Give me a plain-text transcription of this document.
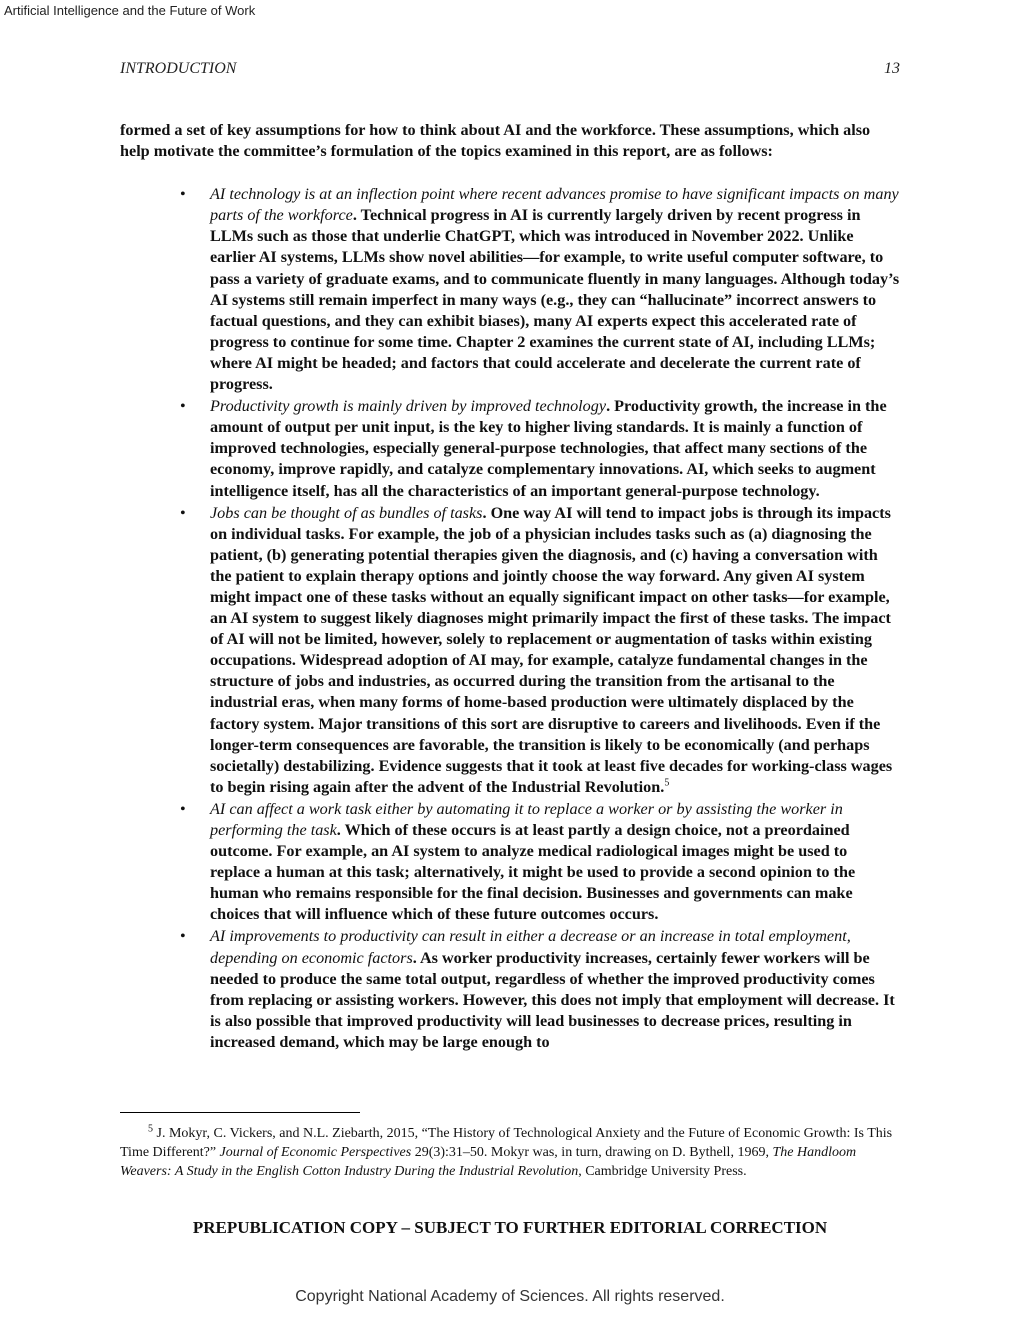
Artificial Intelligence and the Future of Work
INTRODUCTION	13

formed a set of key assumptions for how to think about AI and the workforce. These assumptions, which also help motivate the committee’s formulation of the topics examined in this report, are as follows:

• AI technology is at an inflection point where recent advances promise to have significant impacts on many parts of the workforce. Technical progress in AI is currently largely driven by recent progress in LLMs such as those that underlie ChatGPT, which was introduced in November 2022. Unlike earlier AI systems, LLMs show novel abilities—for example, to write useful computer software, to pass a variety of graduate exams, and to communicate fluently in many languages. Although today’s AI systems still remain imperfect in many ways (e.g., they can “hallucinate” incorrect answers to factual questions, and they can exhibit biases), many AI experts expect this accelerated rate of progress to continue for some time. Chapter 2 examines the current state of AI, including LLMs; where AI might be headed; and factors that could accelerate and decelerate the current rate of progress.
• Productivity growth is mainly driven by improved technology. Productivity growth, the increase in the amount of output per unit input, is the key to higher living standards. It is mainly a function of improved technologies, especially general-purpose technologies, that affect many sections of the economy, improve rapidly, and catalyze complementary innovations. AI, which seeks to augment intelligence itself, has all the characteristics of an important general-purpose technology.
• Jobs can be thought of as bundles of tasks. One way AI will tend to impact jobs is through its impacts on individual tasks. For example, the job of a physician includes tasks such as (a) diagnosing the patient, (b) generating potential therapies given the diagnosis, and (c) having a conversation with the patient to explain therapy options and jointly choose the way forward. Any given AI system might impact one of these tasks without an equally significant impact on other tasks—for example, an AI system to suggest likely diagnoses might primarily impact the first of these tasks. The impact of AI will not be limited, however, solely to replacement or augmentation of tasks within existing occupations. Widespread adoption of AI may, for example, catalyze fundamental changes in the structure of jobs and industries, as occurred during the transition from the artisanal to the industrial eras, when many forms of home-based production were ultimately displaced by the factory system. Major transitions of this sort are disruptive to careers and livelihoods. Even if the longer-term consequences are favorable, the transition is likely to be economically (and perhaps societally) destabilizing. Evidence suggests that it took at least five decades for working-class wages to begin rising again after the advent of the Industrial Revolution.$^5$
• AI can affect a work task either by automating it to replace a worker or by assisting the worker in performing the task. Which of these occurs is at least partly a design choice, not a preordained outcome. For example, an AI system to analyze medical radiological images might be used to replace a human at this task; alternatively, it might be used to provide a second opinion to the human who remains responsible for the final decision. Businesses and governments can make choices that will influence which of these future outcomes occurs.
• AI improvements to productivity can result in either a decrease or an increase in total employment, depending on economic factors. As worker productivity increases, certainly fewer workers will be needed to produce the same total output, regardless of whether the improved productivity comes from replacing or assisting workers. However, this does not imply that employment will decrease. It is also possible that improved productivity will lead businesses to decrease prices, resulting in increased demand, which may be large enough to
$^5$ J. Mokyr, C. Vickers, and N.L. Ziebarth, 2015, “The History of Technological Anxiety and the Future of Economic Growth: Is This Time Different?” Journal of Economic Perspectives 29(3):31–50. Mokyr was, in turn, drawing on D. Bythell, 1969, The Handloom Weavers: A Study in the English Cotton Industry During the Industrial Revolution, Cambridge University Press.
PREPUBLICATION COPY – SUBJECT TO FURTHER EDITORIAL CORRECTION
Copyright National Academy of Sciences. All rights reserved.
